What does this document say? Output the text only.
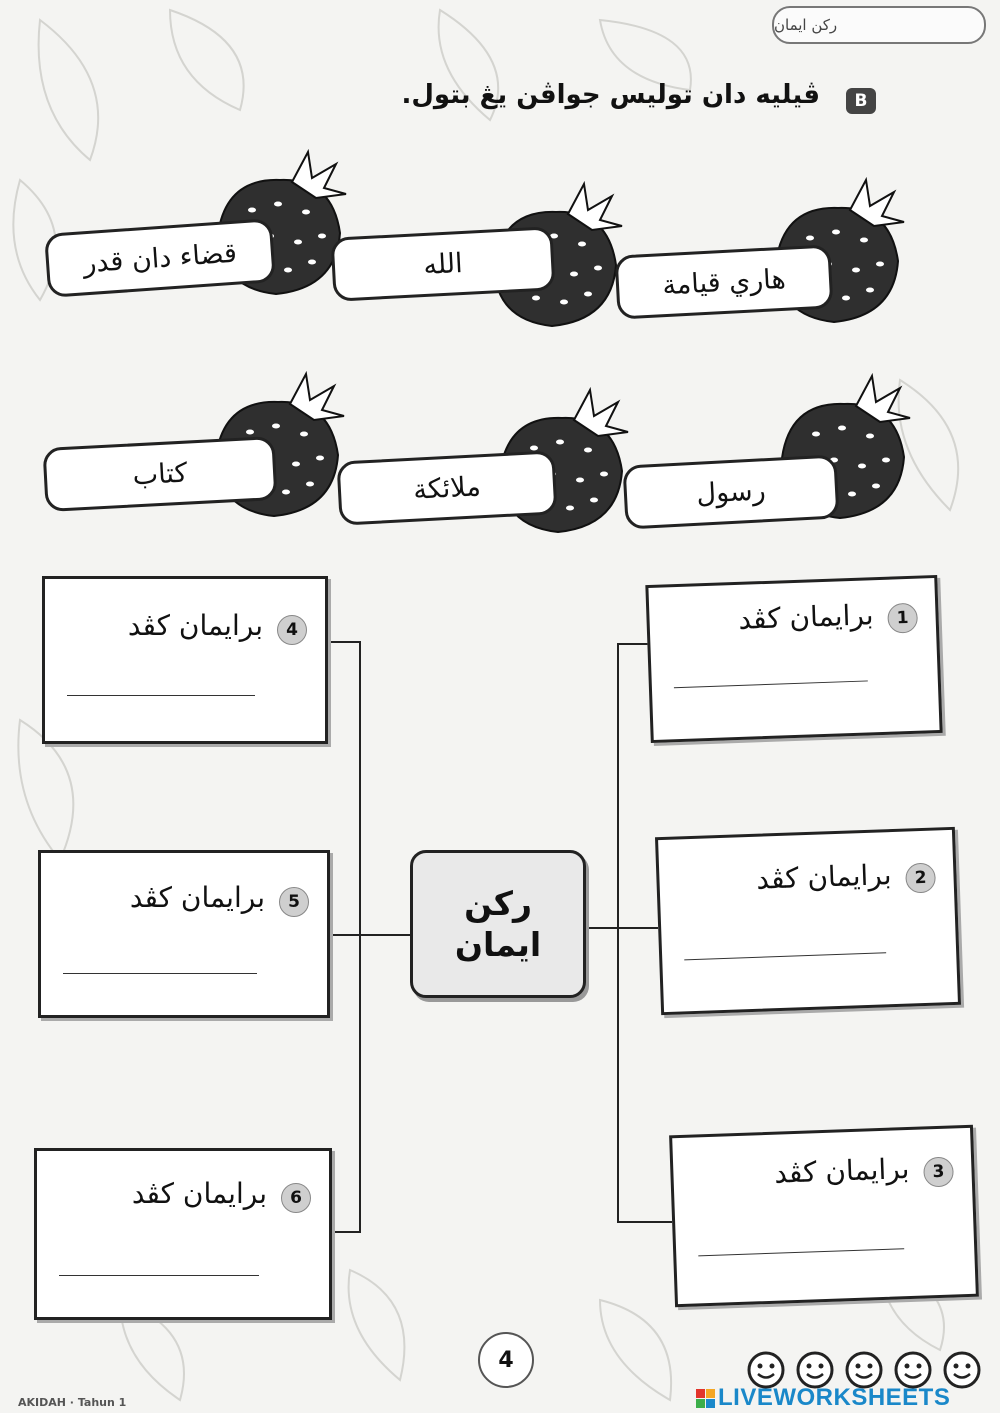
ركن ايمان
B
ڤيليه دان توليس جواڤن يڠ بتول.
قضاء دان قدر	الله	هاري قيامة
كتاب	ملائكة	رسول
1
برايمان كڤد
2
برايمان كڤد
3
برايمان كڤد
4
برايمان كڤد
5
برايمان كڤد
6
برايمان كڤد
ركن
ايمان
4
AKIDAH · Tahun 1	LIVEWORKSHEETS
